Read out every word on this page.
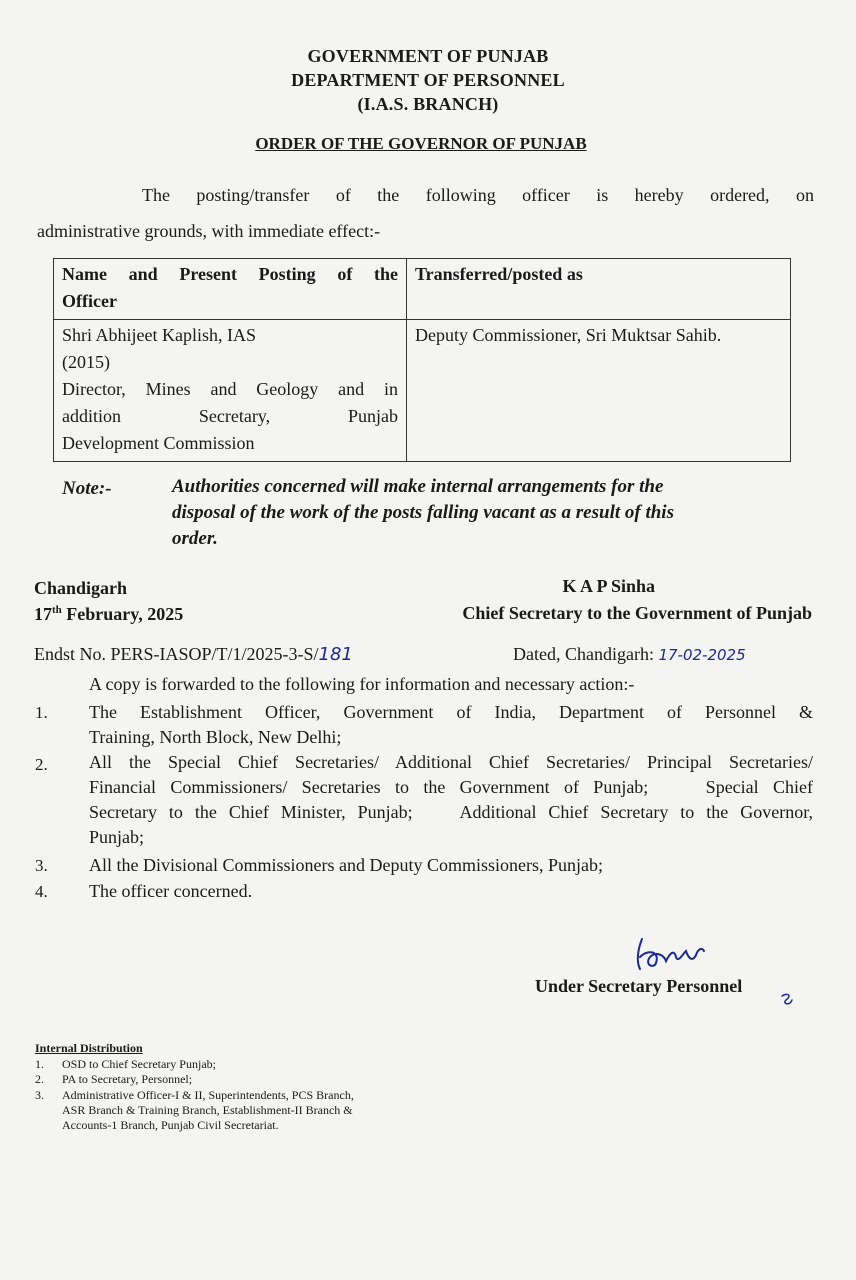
GOVERNMENT OF PUNJAB
DEPARTMENT OF PERSONNEL
(I.A.S. BRANCH)
ORDER OF THE GOVERNOR OF PUNJAB
The posting/transfer of the following officer is hereby ordered, on
administrative grounds, with immediate effect:-
Name and Present Posting of the
Officer	Transferred/posted as

Shri Abhijeet Kaplish, IAS
(2015)
Director, Mines and Geology and in
addition Secretary, Punjab
Development Commission	Deputy Commissioner, Sri Muktsar Sahib.
Note:-	Authorities concerned will make internal arrangements for the
disposal of the work of the posts falling vacant as a result of this
order.
Chandigarh
17th February, 2025
K A P Sinha
Chief Secretary to the Government of Punjab
Endst No. PERS-IASOP/T/1/2025-3-S/181	Dated, Chandigarh: 17-02-2025
A copy is forwarded to the following for information and necessary action:-
1. The Establishment Officer, Government of India, Department of Personnel &
Training, North Block, New Delhi;
2. All the Special Chief Secretaries/ Additional Chief Secretaries/ Principal Secretaries/
Financial Commissioners/ Secretaries to the Government of Punjab;    Special Chief
Secretary to the Chief Minister, Punjab;    Additional Chief Secretary to the Governor,
Punjab;
3. All the Divisional Commissioners and Deputy Commissioners, Punjab;
4. The officer concerned.
Under Secretary Personnel
Internal Distribution
1. OSD to Chief Secretary Punjab;
2. PA to Secretary, Personnel;
3. Administrative Officer-I & II, Superintendents, PCS Branch,
ASR Branch & Training Branch, Establishment-II Branch &
Accounts-1 Branch, Punjab Civil Secretariat.
